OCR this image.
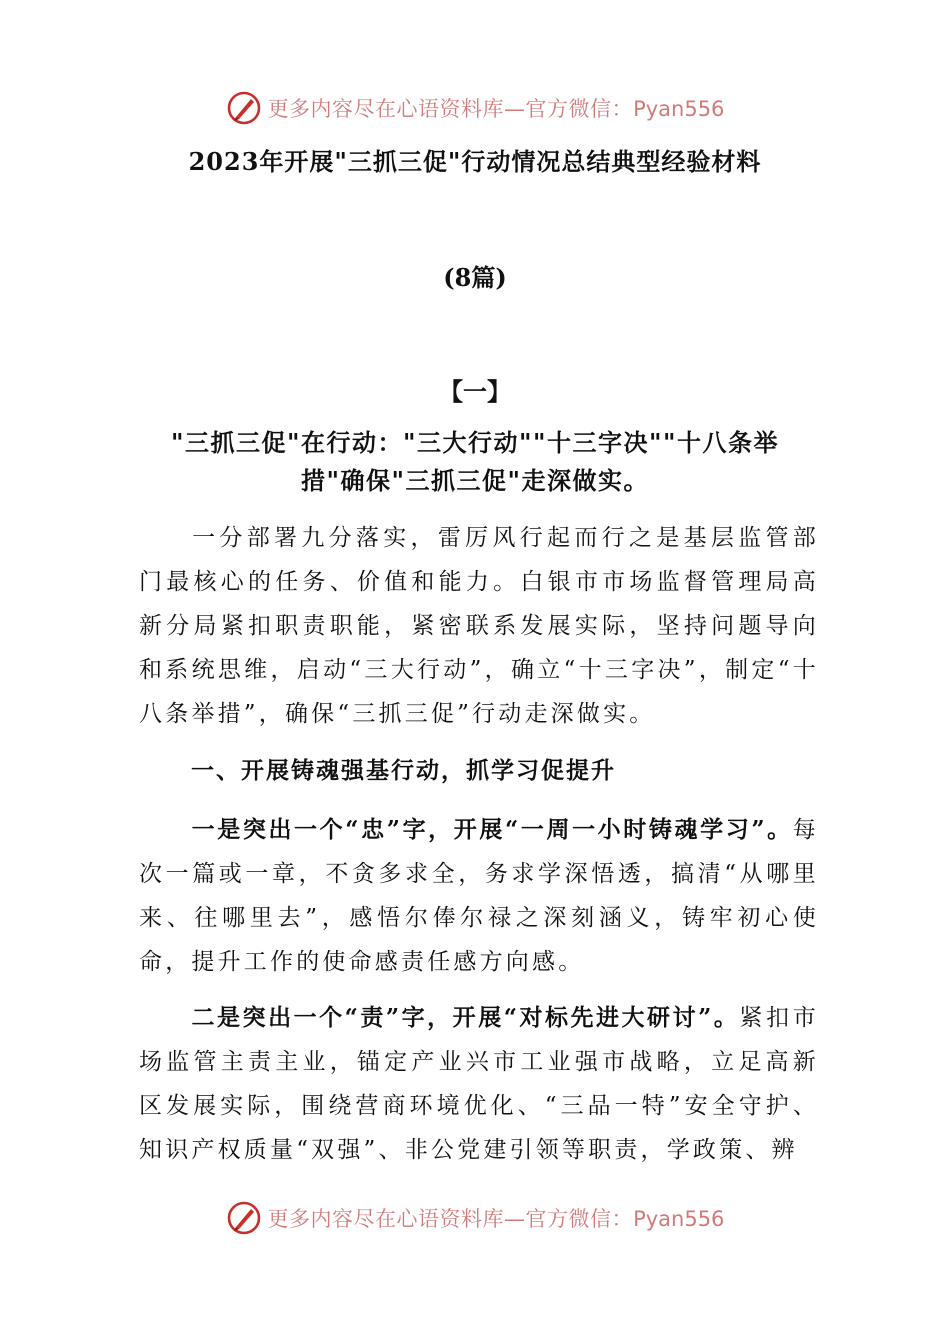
更多内容尽在心语资料库—官方微信：Pyan556
2023年开展"三抓三促"行动情况总结典型经验材料
(8篇)
【一】
"三抓三促"在行动："三大行动""十三字决""十八条举
措"确保"三抓三促"走深做实。
一分部署九分落实，雷厉风行起而行之是基层监管部门最核心的任务、价值和能力。白银市市场监督管理局高新分局紧扣职责职能，紧密联系发展实际，坚持问题导向和系统思维，启动“三大行动”，确立“十三字决”，制定“十八条举措”，确保“三抓三促”行动走深做实。
一、开展铸魂强基行动，抓学习促提升
一是突出一个“忠”字，开展“一周一小时铸魂学习”。每次一篇或一章，不贪多求全，务求学深悟透，搞清“从哪里来、往哪里去”，感悟尔俸尔禄之深刻涵义，铸牢初心使命，提升工作的使命感责任感方向感。
二是突出一个“责”字，开展“对标先进大研讨”。紧扣市场监管主责主业，锚定产业兴市工业强市战略，立足高新区发展实际，围绕营商环境优化、“三品一特”安全守护、知识产权质量“双强”、非公党建引领等职责，学政策、辨
更多内容尽在心语资料库—官方微信：Pyan556
